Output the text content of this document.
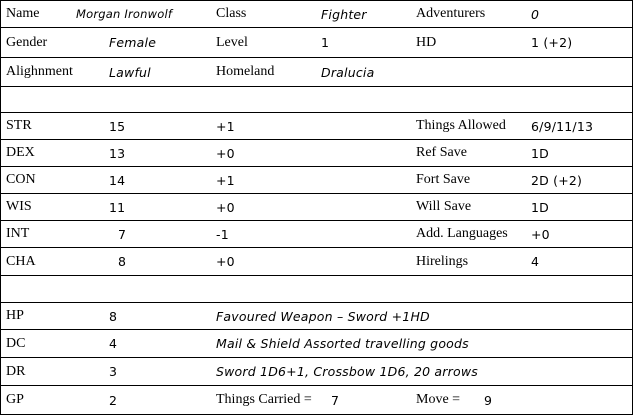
Name	Morgan Ironwolf	Class	Fighter	Adventurers	0
Gender	Female	Level	1	HD	1 (+2)
Alighnment	Lawful	Homeland	Dralucia
STR	15	+1	Things Allowed 6/9/11/13
DEX	13	+0	Ref Save	1D
CON	14	+1	Fort Save	2D (+2)
WIS	11	+0	Will Save	1D
INT	7	-1	Add. Languages +0
CHA	8	+0	Hirelings	4
HP	8	Favoured Weapon – Sword +1HD
DC	4	Mail & Shield Assorted travelling goods
DR	3	Sword 1D6+1, Crossbow 1D6, 20 arrows
GP	2	Things Carried = 7	Move = 9
